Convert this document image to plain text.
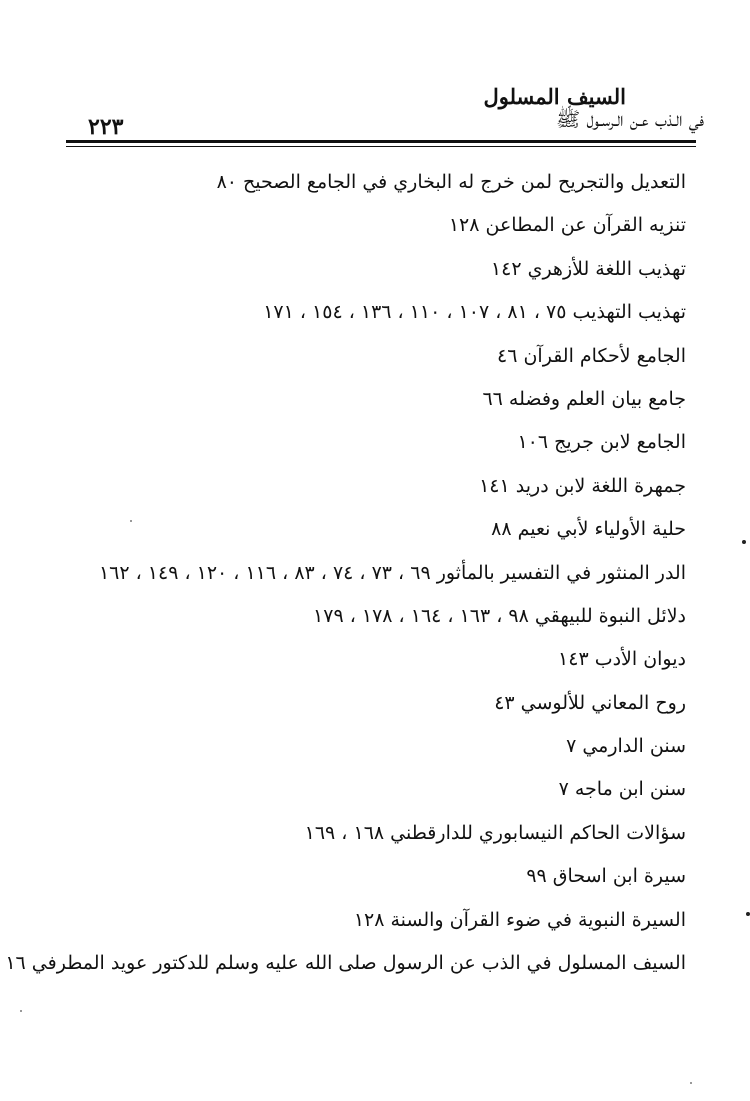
السيف المسلول
في الـذب عـن الـرسـول ﷺ
٢٢٣
التعديل والتجريح لمن خرج له البخاري في الجامع الصحيح ٨٠
تنزيه القرآن عن المطاعن ١٢٨
تهذيب اللغة للأزهري ١٤٢
تهذيب التهذيب ٧٥ ، ٨١ ، ١٠٧ ، ١١٠ ، ١٣٦ ، ١٥٤ ، ١٧١
الجامع لأحكام القرآن ٤٦
جامع بيان العلم وفضله ٦٦
الجامع لابن جريج ١٠٦
جمهرة اللغة لابن دريد ١٤١
حلية الأولياء لأبي نعيم ٨٨
الدر المنثور في التفسير بالمأثور ٦٩ ، ٧٣ ، ٧٤ ، ٨٣ ، ١١٦ ، ١٢٠ ، ١٤٩ ، ١٦٢
دلائل النبوة للبيهقي ٩٨ ، ١٦٣ ، ١٦٤ ، ١٧٨ ، ١٧٩
ديوان الأدب ١٤٣
روح المعاني للألوسي ٤٣
سنن الدارمي ٧
سنن ابن ماجه ٧
سؤالات الحاكم النيسابوري للدارقطني ١٦٨ ، ١٦٩
سيرة ابن اسحاق ٩٩
السيرة النبوية في ضوء القرآن والسنة ١٢٨
السيف المسلول في الذب عن الرسول صلى الله عليه وسلم للدكتور عويد المطرفي ١٦
